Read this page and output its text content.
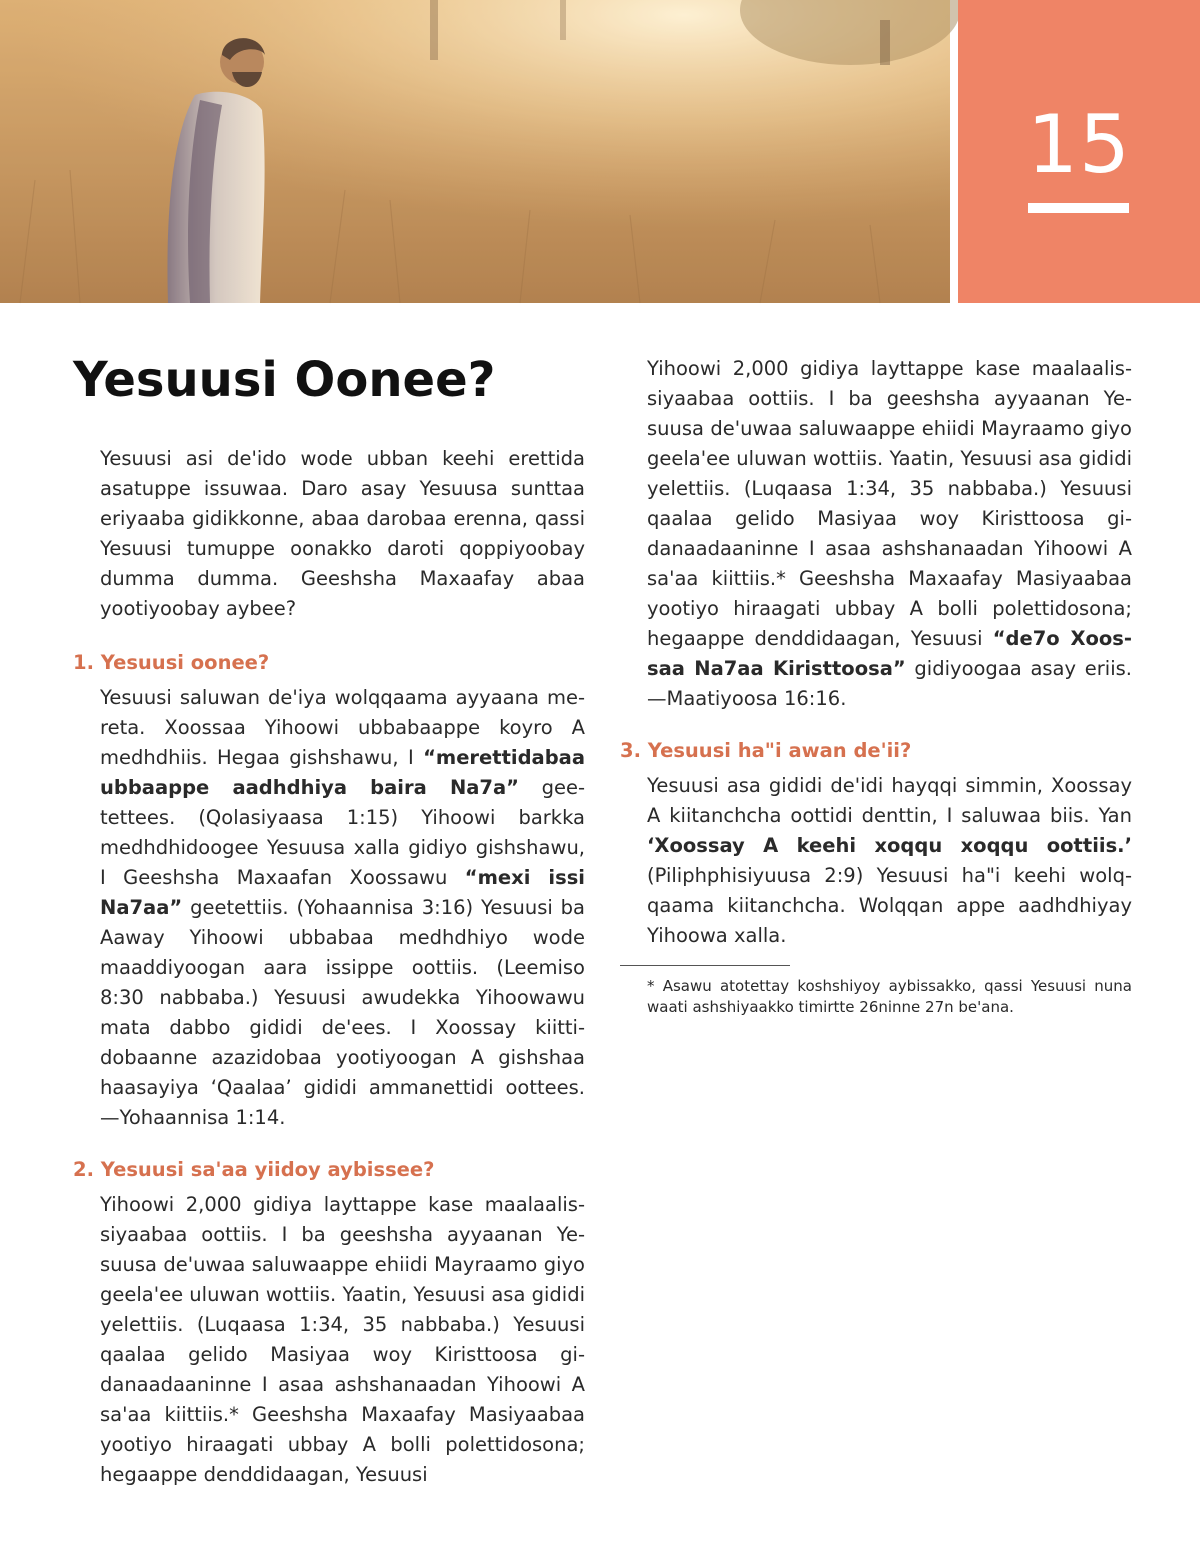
15
Yesuusi Oonee?

Yesuusi asi de'ido wode ubban keehi erettida asatuppe issuwaa. Daro asay Yesuusa sunttaa eriyaaba gidikkonne, abaa darobaa erenna, qassi Yesuusi tumuppe oonakko daroti qoppiyoobay dumma dumma. Geeshsha Maxaafay abaa yootiyoobay aybee?

1. Yesuusi oonee?

Yesuusi saluwan de'iya wolqqaama ayyaana mereta. Xoossaa Yihoowi ubbabaappe koyro A medhdhiis. Hegaa gishshawu, I “merettidabaa ubbaappe aadhdhiya baira Na7a” geetettees. (Qolasiyaasa 1:15) Yihoowi barkka medhdhidoogee Yesuusa xalla gidiyo gishshawu, I Geeshsha Maxaafan Xoossawu “mexi issi Na7aa” geetettiis. (Yohaannisa 3:16) Yesuusi ba Aaway Yihoowi ubbabaa medhdhiyo wode maaddiyoogan aara issippe oottiis. (Leemiso 8:30 nabbaba.) Yesuusi awudekka Yihoowawu mata dabbo gididi de'ees. I Xoossay kiittidobaanne azazidobaa yootiyoogan A gishshaa haasayiya ‘Qaalaa’ gididi ammanettidi oottees. —Yohaannisa 1:14.

2. Yesuusi sa'aa yiidoy aybissee?

Yihoowi 2,000 gidiya layttappe kase maalaalissiyaabaa oottiis. I ba geeshsha ayyaanan Yesuusa de'uwaa saluwaappe ehiidi Mayraamo giyo geela'ee uluwan wottiis. Yaatin, Yesuusi asa gididi yelettiis. (Luqaasa 1:34, 35 nabbaba.) Yesuusi qaalaa gelido Masiyaa woy Kiristtoosa gidanaadaaninne I asaa ashshanaadan Yihoowi A sa'aa kiittiis.* Geeshsha Maxaafay Masiyaabaa yootiyo hiraagati ubbay A bolli polettidosona; hegaappe denddidaagan, Yesuusi

Yihoowi 2,000 gidiya layttappe kase maalaalissiyaabaa oottiis. I ba geeshsha ayyaanan Yesuusa de'uwaa saluwaappe ehiidi Mayraamo giyo geela'ee uluwan wottiis. Yaatin, Yesuusi asa gididi yelettiis. (Luqaasa 1:34, 35 nabbaba.) Yesuusi qaalaa gelido Masiyaa woy Kiristtoosa gidanaadaaninne I asaa ashshanaadan Yihoowi A sa'aa kiittiis.* Geeshsha Maxaafay Masiyaabaa yootiyo hiraagati ubbay A bolli polettidosona; hegaappe denddidaagan, Yesuusi “de7o Xoossaa Na7aa Kiristtoosa” gidiyoogaa asay eriis. —Maatiyoosa 16:16.

3. Yesuusi ha"i awan de'ii?

Yesuusi asa gididi de'idi hayqqi simmin, Xoossay A kiitanchcha oottidi denttin, I saluwaa biis. Yan ‘Xoossay A keehi xoqqu xoqqu oottiis.’ (Piliphphisiyuusa 2:9) Yesuusi ha"i keehi wolqqaama kiitanchcha. Wolqqan appe aadhdhiyay Yihoowa xalla.

* Asawu atotettay koshshiyoy aybissakko, qassi Yesuusi nuna waati ashshiyaakko timirtte 26ninne 27n be'ana.
